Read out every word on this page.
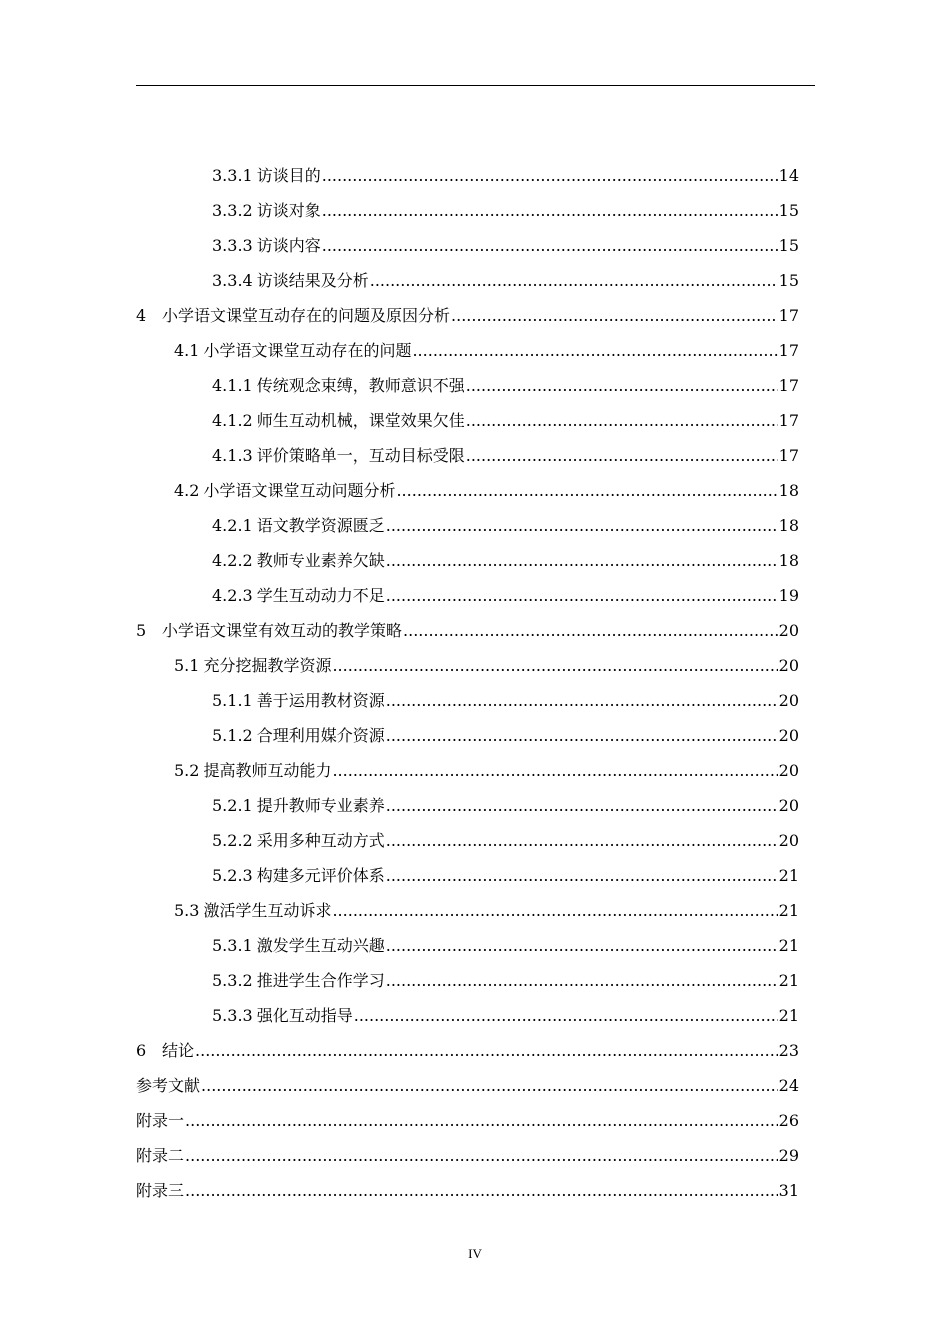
3.3.1 访谈目的 .....	14
3.3.2 访谈对象 .....	15
3.3.3 访谈内容 .....	15
3.3.4 访谈结果及分析 .....	15
4 小学语文课堂互动存在的问题及原因分析 .....	17
4.1 小学语文课堂互动存在的问题 .....	17
4.1.1 传统观念束缚，教师意识不强 .....	17
4.1.2 师生互动机械，课堂效果欠佳 .....	17
4.1.3 评价策略单一，互动目标受限 .....	17
4.2 小学语文课堂互动问题分析 .....	18
4.2.1 语文教学资源匮乏 .....	18
4.2.2 教师专业素养欠缺 .....	18
4.2.3 学生互动动力不足 .....	19
5 小学语文课堂有效互动的教学策略 .....	20
5.1 充分挖掘教学资源 .....	20
5.1.1 善于运用教材资源 .....	20
5.1.2 合理利用媒介资源 .....	20
5.2 提高教师互动能力 .....	20
5.2.1 提升教师专业素养 .....	20
5.2.2 采用多种互动方式 .....	20
5.2.3 构建多元评价体系 .....	21
5.3 激活学生互动诉求 .....	21
5.3.1 激发学生互动兴趣 .....	21
5.3.2 推进学生合作学习 .....	21
5.3.3 强化互动指导 .....	21
6 结论 .....	23
参考文献 .....	24
附录一 .....	26
附录二 .....	29
附录三 .....	31
IV
